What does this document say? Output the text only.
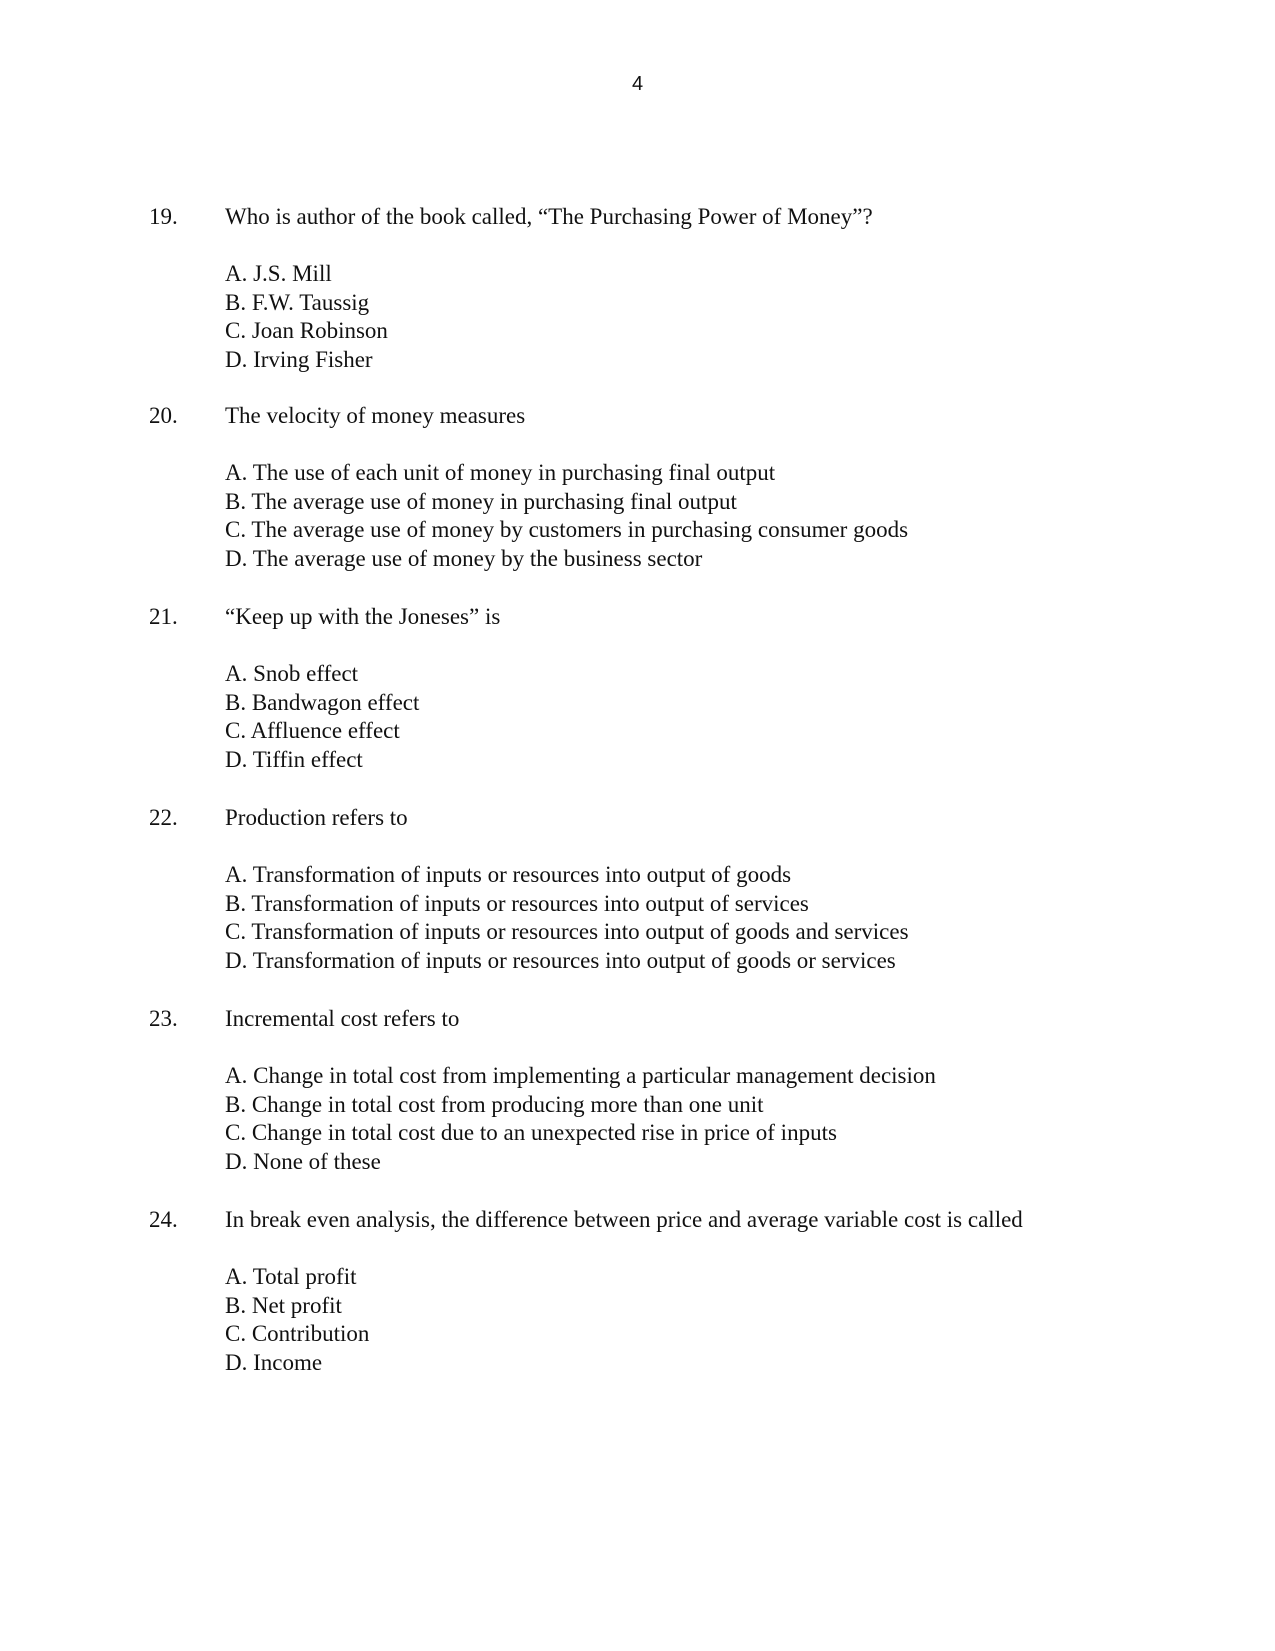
4
19. Who is author of the book called, “The Purchasing Power of Money”?
A. J.S. Mill
B. F.W. Taussig
C. Joan Robinson
D. Irving Fisher
20. The velocity of money measures
A. The use of each unit of money in purchasing final output
B. The average use of money in purchasing final output
C. The average use of money by customers in purchasing consumer goods
D. The average use of money by the business sector
21. “Keep up with the Joneses” is
A. Snob effect
B. Bandwagon effect
C. Affluence effect
D. Tiffin effect
22. Production refers to
A. Transformation of inputs or resources into output of goods
B. Transformation of inputs or resources into output of services
C. Transformation of inputs or resources into output of goods and services
D. Transformation of inputs or resources into output of goods or services
23. Incremental cost refers to
A. Change in total cost from implementing a particular management decision
B. Change in total cost from producing more than one unit
C. Change in total cost due to an unexpected rise in price of inputs
D. None of these
24. In break even analysis, the difference between price and average variable cost is called
A. Total profit
B. Net profit
C. Contribution
D. Income
